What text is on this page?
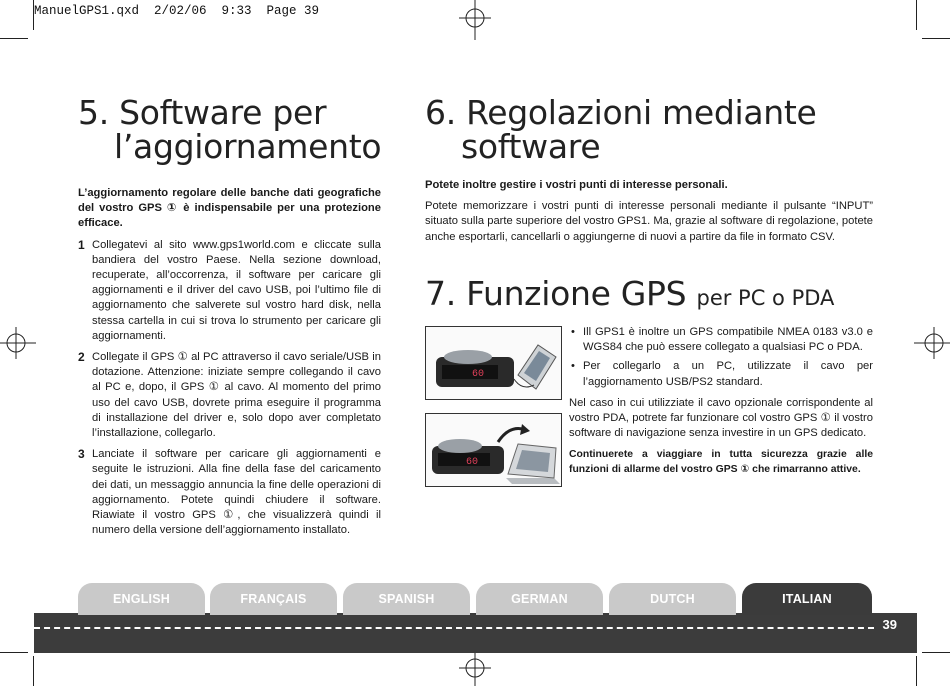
ManuelGPS1.qxd  2/02/06  9:33  Page 39
5. Software per
l’aggiornamento

L’aggiornamento regolare delle banche dati geografiche del vostro GPS ① è indispensabile per una protezione efficace.

1 Collegatevi al sito www.gps1world.com e cliccate sulla bandiera del vostro Paese. Nella sezione download, recuperate, all’occorrenza, il software per caricare gli aggiornamenti e il driver del cavo USB, poi l’ultimo file di aggiornamento che salverete sul vostro hard disk, nella stessa cartella in cui si trova lo strumento per caricare gli aggiornamenti.
2 Collegate il GPS ① al PC attraverso il cavo seriale/USB in dotazione. Attenzione: iniziate sempre collegando il cavo al PC e, dopo, il GPS ① al cavo. Al momento del primo uso del cavo USB, dovrete prima eseguire il programma di installazione del driver e, solo dopo aver completato l’installazione, collegarlo.
3 Lanciate il software per caricare gli aggiornamenti e seguite le istruzioni. Alla fine della fase del caricamento dei dati, un messaggio annuncia la fine delle operazioni di aggiornamento. Potete quindi chiudere il software. Riawiate il vostro GPS ①, che visualizzerà quindi il numero della versione dell’aggiornamento installato.
6. Regolazioni mediante
software

Potete inoltre gestire i vostri punti di interesse personali.

Potete memorizzare i vostri punti di interesse personali mediante il pulsante “INPUT” situato sulla parte superiore del vostro GPS1. Ma, grazie al software di regolazione, potete anche esportarli, cancellarli o aggiungerne di nuovi a partire da file in formato CSV.

7. Funzione GPS per PC o PDA
60
60
• Ill GPS1 è inoltre un GPS compatibile NMEA 0183 v3.0 e WGS84 che può essere collegato a qualsiasi PC o PDA.
• Per collegarlo a un PC, utilizzate il cavo per l’aggiornamento USB/PS2 standard.

Nel caso in cui utilizziate il cavo opzionale corrispondente al vostro PDA, potrete far funzionare col vostro GPS ① il vostro software di navigazione senza investire in un GPS dedicato.

Continuerete a viaggiare in tutta sicurezza grazie alle funzioni di allarme del vostro GPS ① che rimarranno attive.

39
ENGLISH	FRANÇAIS	SPANISH	GERMAN	DUTCH	ITALIAN
